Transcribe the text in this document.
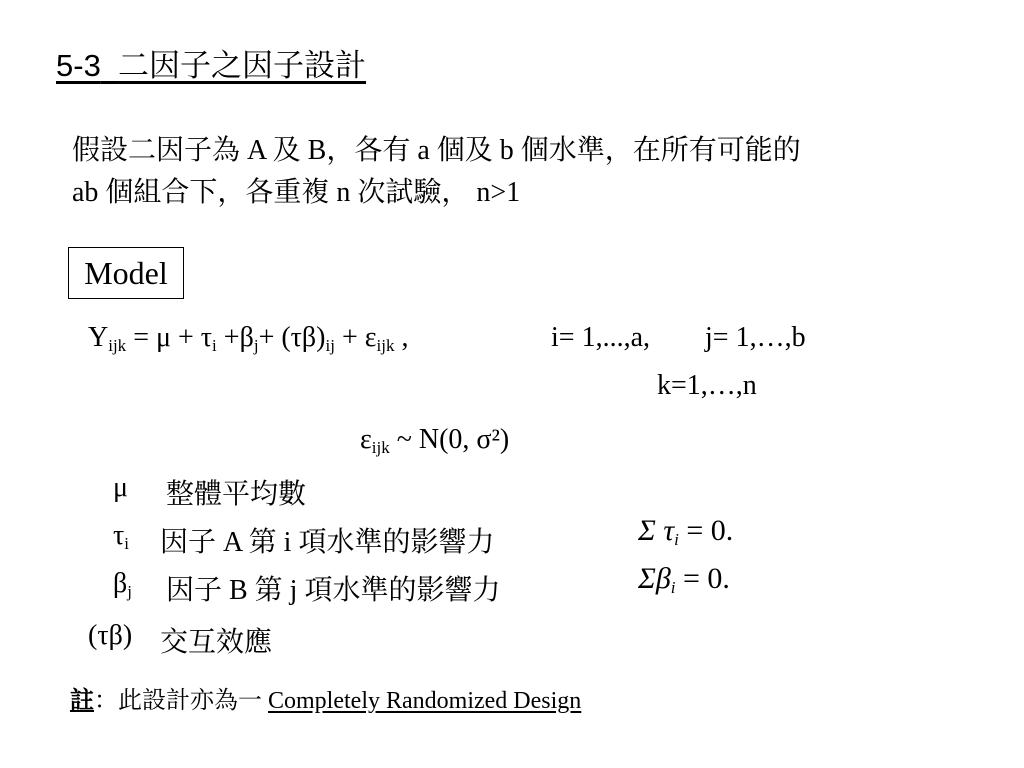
5-3 二因子之因子設計
假設二因子為 A 及 B，各有 a 個及 b 個水準，在所有可能的
ab 個組合下，各重複 n 次試驗， n>1
Model
$Y_{ijk} = \mu + \tau_i +\beta_j+ (\tau\beta)_{ij} + \varepsilon_{ijk}$ ,	i= 1,...,a, j= 1,…,b
k=1,…,n
$\varepsilon_{ijk}$ ~ N(0, σ²)
μ 整體平均數
$\tau_i$ 因子 A 第 i 項水準的影響力	Σ $\tau_i = 0$.
$\beta_j$ 因子 B 第 j 項水準的影響力	$\Sigma\beta_i = 0$.
(τβ) 交互效應
註：此設計亦為一 Completely Randomized Design
